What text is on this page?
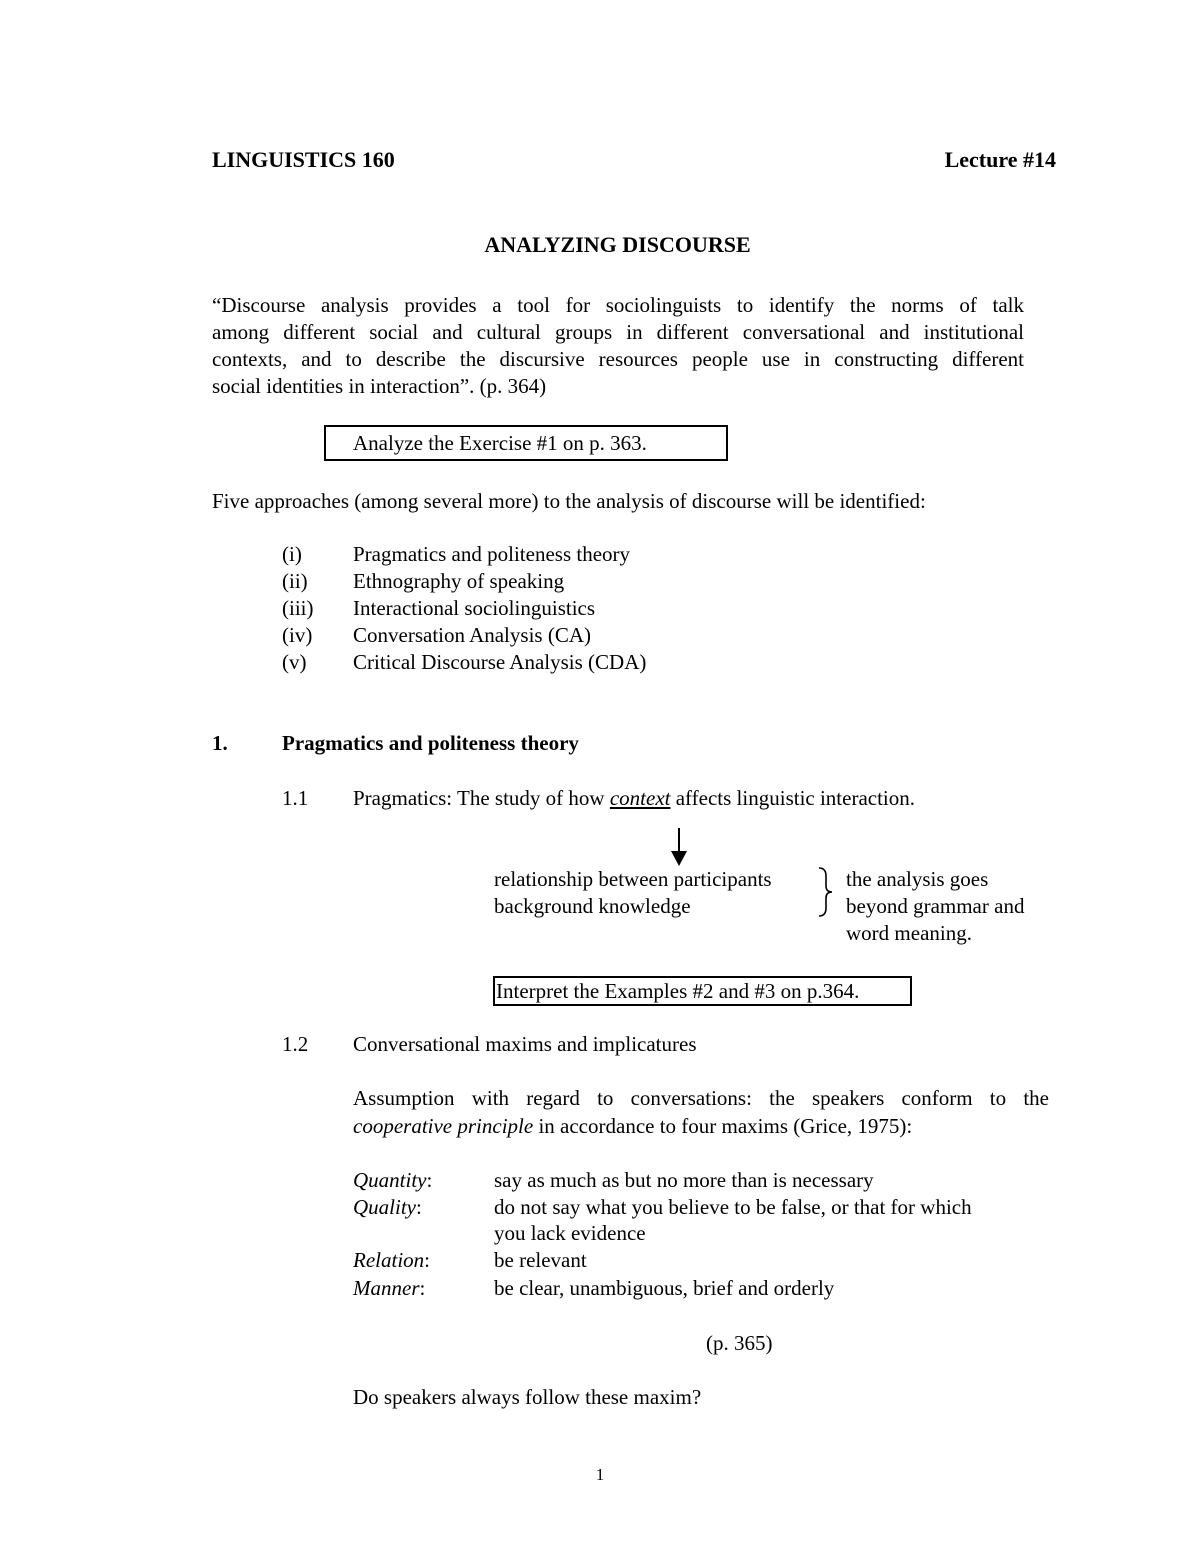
LINGUISTICS 160	Lecture #14
ANALYZING DISCOURSE
“Discourse analysis provides a tool for sociolinguists to identify the norms of talk
among different social and cultural groups in different conversational and institutional
contexts, and to describe the discursive resources people use in constructing different
social identities in interaction”. (p. 364)
Analyze the Exercise #1 on p. 363.
Five approaches (among several more) to the analysis of discourse will be identified:
(i) Pragmatics and politeness theory
(ii) Ethnography of speaking
(iii) Interactional sociolinguistics
(iv) Conversation Analysis (CA)
(v) Critical Discourse Analysis (CDA)
1.	Pragmatics and politeness theory
1.1 Pragmatics: The study of how context affects linguistic interaction.
relationship between participants
background knowledge
the analysis goes
beyond grammar and
word meaning.
Interpret the Examples #2 and #3 on p.364.
1.2 Conversational maxims and implicatures
Assumption with regard to conversations: the speakers conform to the
cooperative principle in accordance to four maxims (Grice, 1975):
Quantity:	say as much as but no more than is necessary
Quality:	do not say what you believe to be false, or that for which
you lack evidence
Relation:	be relevant
Manner:	be clear, unambiguous, brief and orderly
(p. 365)
Do speakers always follow these maxim?
1
